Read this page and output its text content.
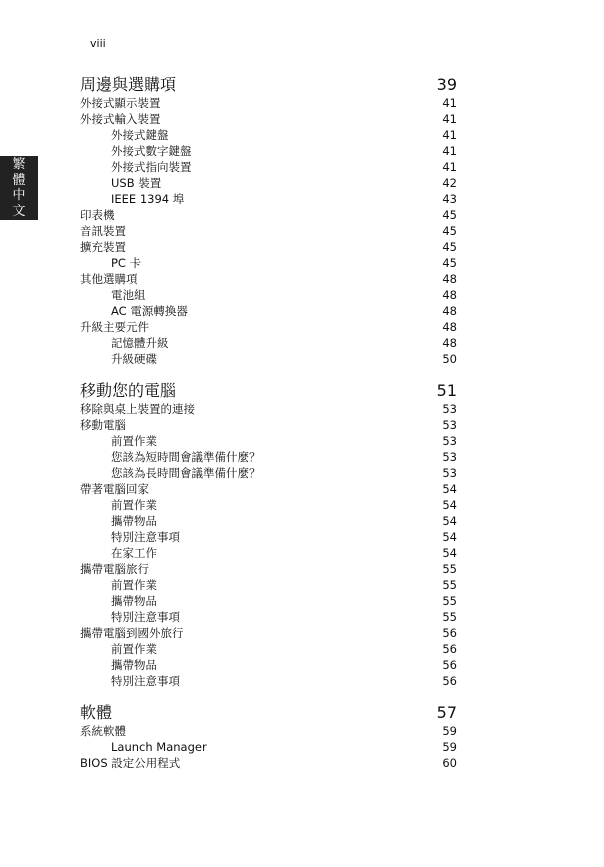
viii
繁
體
中
文
周邊與選購項	39
外接式顯示裝置	41
外接式輸入裝置	41
外接式鍵盤	41
外接式數字鍵盤	41
外接式指向裝置	41
USB 裝置	42
IEEE 1394 埠	43
印表機	45
音訊裝置	45
擴充裝置	45
PC 卡	45
其他選購項	48
電池組	48
AC 電源轉換器	48
升級主要元件	48
記憶體升級	48
升級硬碟	50
移動您的電腦	51
移除與桌上裝置的連接	53
移動電腦	53
前置作業	53
您該為短時間會議準備什麼？	53
您該為長時間會議準備什麼？	53
帶著電腦回家	54
前置作業	54
攜帶物品	54
特別注意事項	54
在家工作	54
攜帶電腦旅行	55
前置作業	55
攜帶物品	55
特別注意事項	55
攜帶電腦到國外旅行	56
前置作業	56
攜帶物品	56
特別注意事項	56
軟體	57
系統軟體	59
Launch Manager	59
BIOS 設定公用程式	60
